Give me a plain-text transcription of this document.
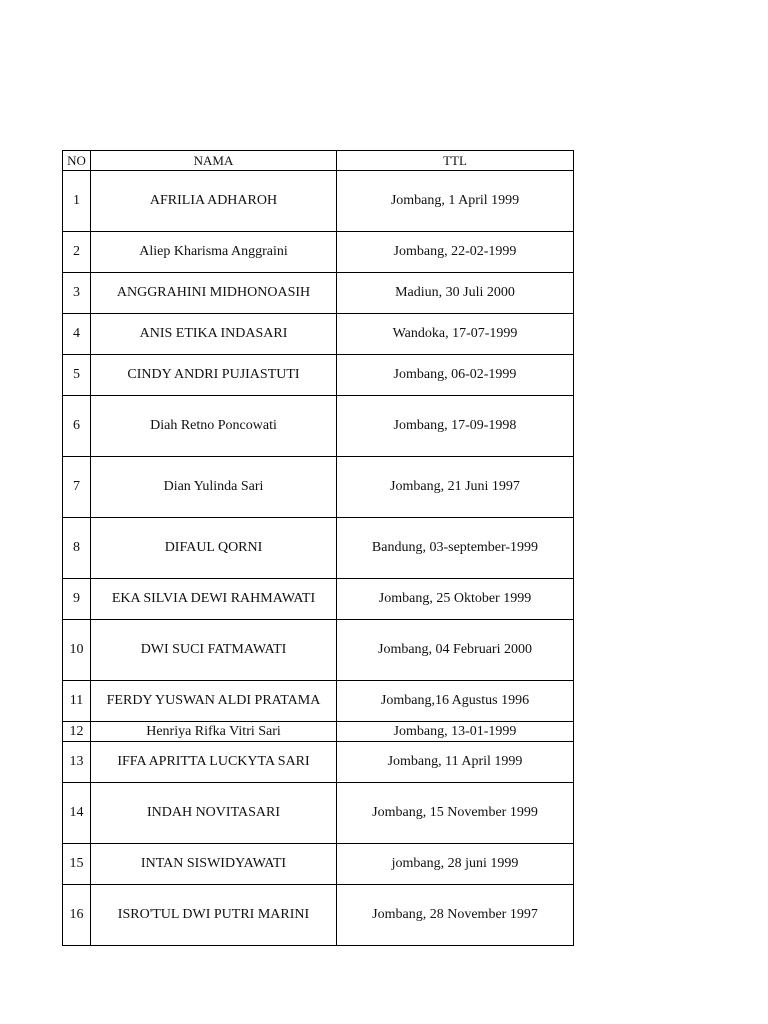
NO	NAMA	TTL
1	AFRILIA ADHAROH	Jombang, 1 April 1999
2	Aliep Kharisma Anggraini	Jombang, 22-02-1999
3	ANGGRAHINI MIDHONOASIH	Madiun, 30 Juli 2000
4	ANIS ETIKA INDASARI	Wandoka, 17-07-1999
5	CINDY ANDRI PUJIASTUTI	Jombang, 06-02-1999
6	Diah Retno Poncowati	Jombang, 17-09-1998
7	Dian Yulinda Sari	Jombang, 21 Juni 1997
8	DIFAUL QORNI	Bandung, 03-september-1999
9	EKA SILVIA DEWI RAHMAWATI	Jombang, 25 Oktober 1999
10	DWI SUCI FATMAWATI	Jombang, 04 Februari 2000
11	FERDY YUSWAN ALDI PRATAMA	Jombang,16 Agustus 1996
12	Henriya Rifka Vitri Sari	Jombang, 13-01-1999
13	IFFA APRITTA LUCKYTA SARI	Jombang, 11 April 1999
14	INDAH NOVITASARI	Jombang, 15 November 1999
15	INTAN SISWIDYAWATI	jombang, 28 juni 1999
16	ISRO'TUL DWI PUTRI MARINI	Jombang, 28 November 1997
